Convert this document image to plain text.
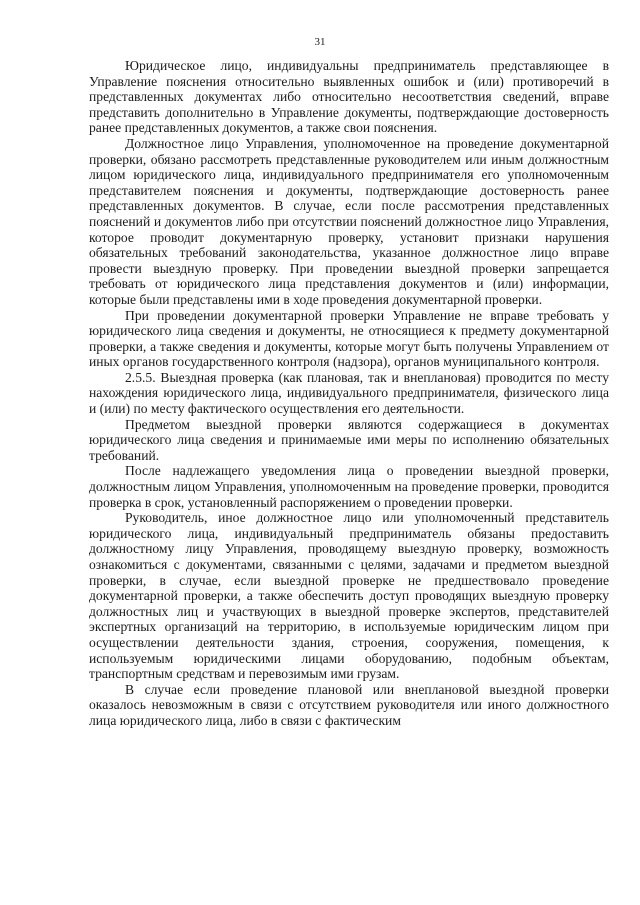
31

Юридическое лицо, индивидуальны предприниматель представляющее в Управление пояснения относительно выявленных ошибок и (или) противоречий в представленных документах либо относительно несоответствия сведений, вправе представить дополнительно в Управление документы, подтверждающие достоверность ранее представленных документов, а также свои пояснения.

Должностное лицо Управления, уполномоченное на проведение документарной проверки, обязано рассмотреть представленные руководителем или иным должностным лицом юридического лица, индивидуального предпринимателя его уполномоченным представителем пояснения и документы, подтверждающие достоверность ранее представленных документов. В случае, если после рассмотрения представленных пояснений и документов либо при отсутствии пояснений должностное лицо Управления, которое проводит документарную проверку, установит признаки нарушения обязательных требований законодательства, указанное должностное лицо вправе провести выездную проверку. При проведении выездной проверки запрещается требовать от юридического лица представления документов и (или) информации, которые были представлены ими в ходе проведения документарной проверки.

При проведении документарной проверки Управление не вправе требовать у юридического лица сведения и документы, не относящиеся к предмету документарной проверки, а также сведения и документы, которые могут быть получены Управлением от иных органов государственного контроля (надзора), органов муниципального контроля.

2.5.5. Выездная проверка (как плановая, так и внеплановая) проводится по месту нахождения юридического лица, индивидуального предпринимателя, физического лица и (или) по месту фактического осуществления его деятельности.

Предметом выездной проверки являются содержащиеся в документах юридического лица сведения и принимаемые ими меры по исполнению обязательных требований.

После надлежащего уведомления лица о проведении выездной проверки, должностным лицом Управления, уполномоченным на проведение проверки, проводится проверка в срок, установленный распоряжением о проведении проверки.

Руководитель, иное должностное лицо или уполномоченный представитель юридического лица, индивидуальный предприниматель обязаны предоставить должностному лицу Управления, проводящему выездную проверку, возможность ознакомиться с документами, связанными с целями, задачами и предметом выездной проверки, в случае, если выездной проверке не предшествовало проведение документарной проверки, а также обеспечить доступ проводящих выездную проверку должностных лиц и участвующих в выездной проверке экспертов, представителей экспертных организаций на территорию, в используемые юридическим лицом при осуществлении деятельности здания, строения, сооружения, помещения, к используемым юридическими лицами оборудованию, подобным объектам, транспортным средствам и перевозимым ими грузам.

В случае если проведение плановой или внеплановой выездной проверки оказалось невозможным в связи с отсутствием руководителя или иного должностного лица юридического лица, либо в связи с фактическим
